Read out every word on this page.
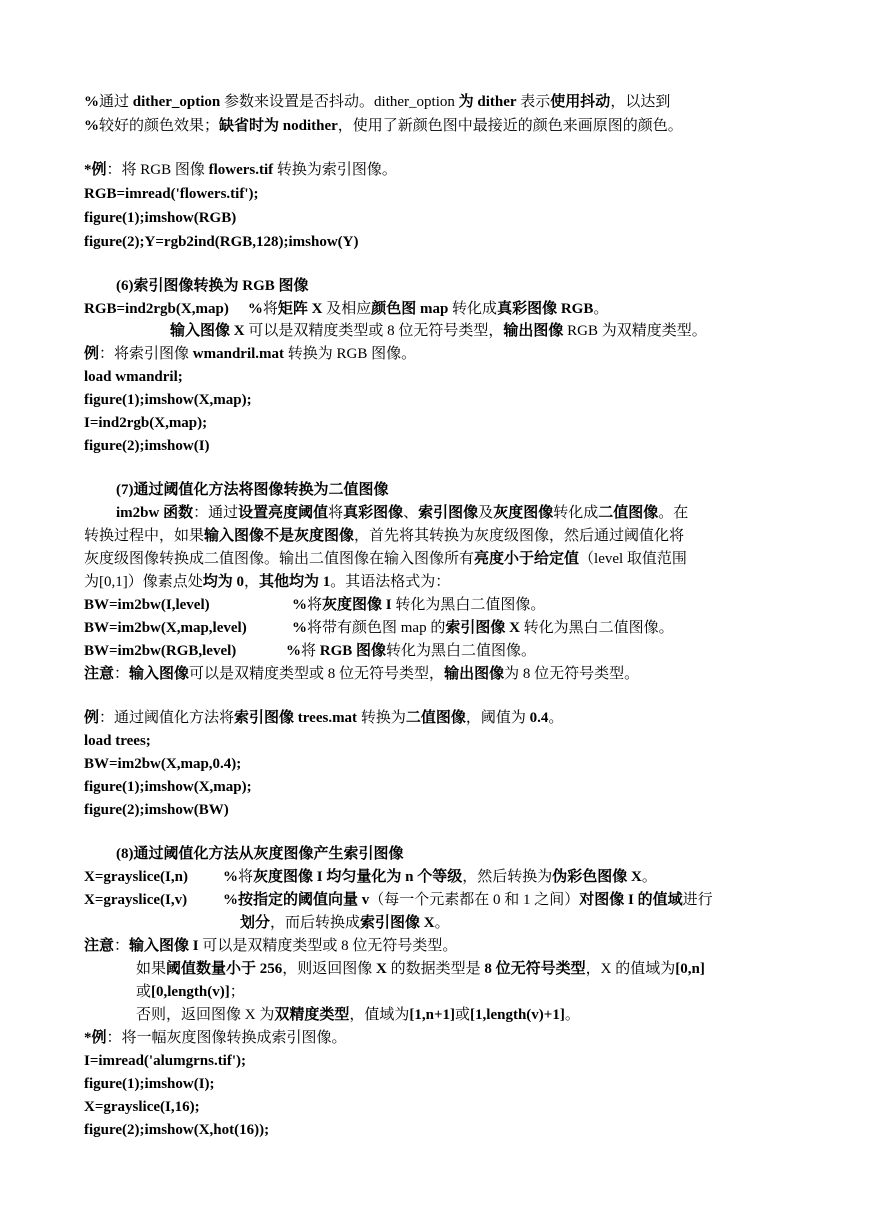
%通过 dither_option 参数来设置是否抖动。dither_option 为 dither 表示使用抖动，以达到
%较好的颜色效果；缺省时为 nodither，使用了新颜色图中最接近的颜色来画原图的颜色。
*例：将 RGB 图像 flowers.tif 转换为索引图像。
RGB=imread('flowers.tif');
figure(1);imshow(RGB)
figure(2);Y=rgb2ind(RGB,128);imshow(Y)
(6)索引图像转换为 RGB 图像
RGB=ind2rgb(X,map) %将矩阵 X 及相应颜色图 map 转化成真彩图像 RGB。
输入图像 X 可以是双精度类型或 8 位无符号类型，输出图像 RGB 为双精度类型。
例：将索引图像 wmandril.mat 转换为 RGB 图像。
load wmandril;
figure(1);imshow(X,map);
I=ind2rgb(X,map);
figure(2);imshow(I)
(7)通过阈值化方法将图像转换为二值图像
im2bw 函数：通过设置亮度阈值将真彩图像、索引图像及灰度图像转化成二值图像。在
转换过程中，如果输入图像不是灰度图像，首先将其转换为灰度级图像，然后通过阈值化将
灰度级图像转换成二值图像。输出二值图像在输入图像所有亮度小于给定值（level 取值范围
为[0,1]）像素点处均为 0，其他均为 1。其语法格式为：
BW=im2bw(I,level)	%将灰度图像 I 转化为黑白二值图像。
BW=im2bw(X,map,level)	%将带有颜色图 map 的索引图像 X 转化为黑白二值图像。
BW=im2bw(RGB,level)	%将 RGB 图像转化为黑白二值图像。
注意：输入图像可以是双精度类型或 8 位无符号类型，输出图像为 8 位无符号类型。
例：通过阈值化方法将索引图像 trees.mat 转换为二值图像，阈值为 0.4。
load trees;
BW=im2bw(X,map,0.4);
figure(1);imshow(X,map);
figure(2);imshow(BW)
(8)通过阈值化方法从灰度图像产生索引图像
X=grayslice(I,n) %将灰度图像 I 均匀量化为 n 个等级，然后转换为伪彩色图像 X。
X=grayslice(I,v) %按指定的阈值向量 v（每一个元素都在 0 和 1 之间）对图像 I 的值域进行
划分，而后转换成索引图像 X。
注意：输入图像 I 可以是双精度类型或 8 位无符号类型。
如果阈值数量小于 256，则返回图像 X 的数据类型是 8 位无符号类型，X 的值域为[0,n]
或[0,length(v)]；
否则，返回图像 X 为双精度类型，值域为[1,n+1]或[1,length(v)+1]。
*例：将一幅灰度图像转换成索引图像。
I=imread('alumgrns.tif');
figure(1);imshow(I);
X=grayslice(I,16);
figure(2);imshow(X,hot(16));
